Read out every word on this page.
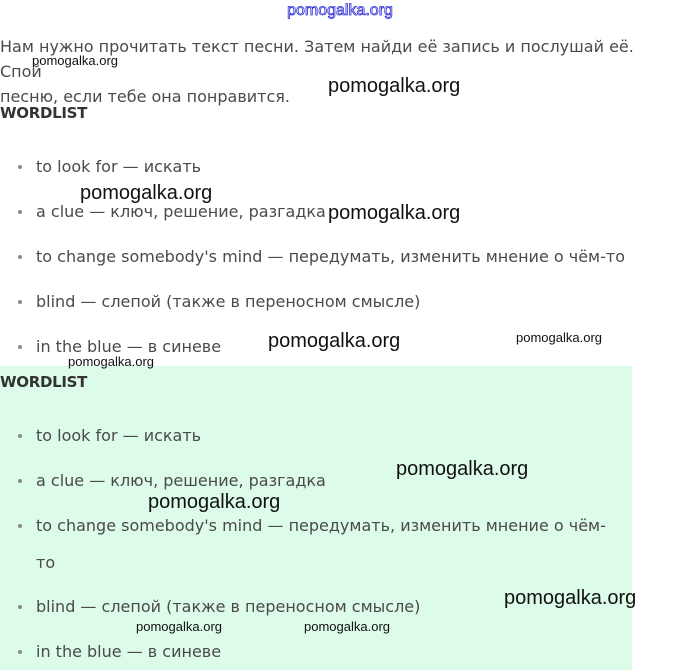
pomogalka.org
Нам нужно прочитать текст песни. Затем найди её запись и послушай её. Спой
песню, если тебе она понравится.
WORDLIST
to look for — искать
a clue — ключ, решение, разгадка
to change somebody's mind — передумать, изменить мнение о чём-то
blind — слепой (также в переносном смысле)
in the blue — в синеве
WORDLIST
to look for — искать
a clue — ключ, решение, разгадка
to change somebody's mind — передумать, изменить мнение о чём-
то
blind — слепой (также в переносном смысле)
in the blue — в синеве
pomogalka.org
pomogalka.org
pomogalka.org
pomogalka.org
pomogalka.org	pomogalka.org
pomogalka.org
pomogalka.org
pomogalka.org
pomogalka.org
pomogalka.org	pomogalka.org
